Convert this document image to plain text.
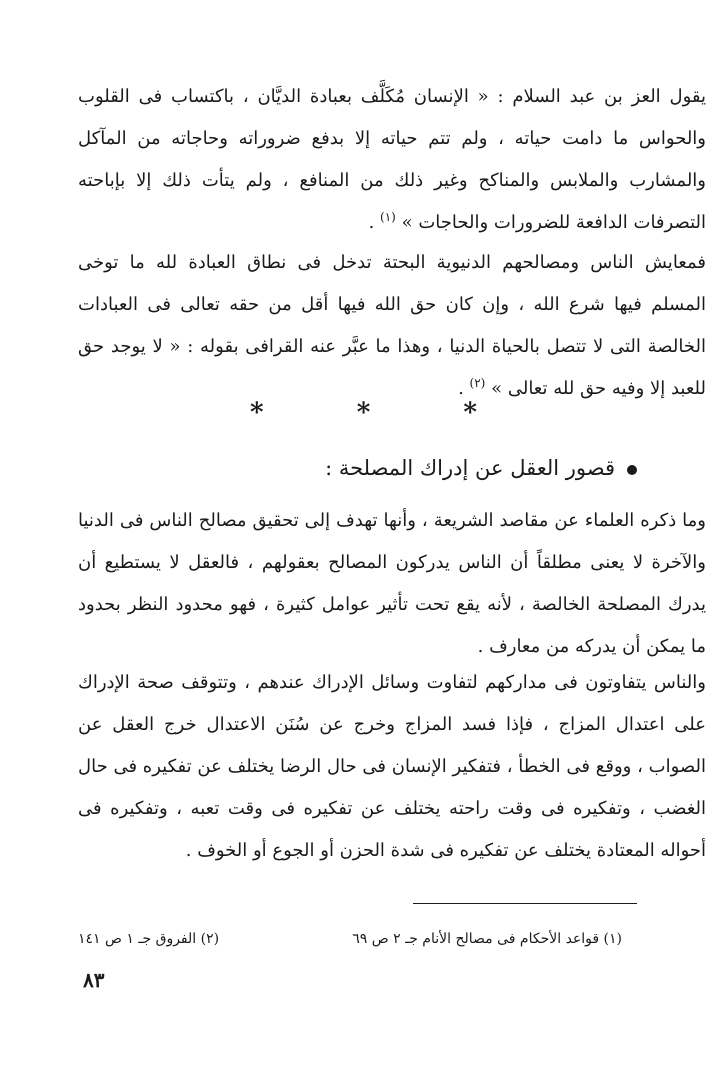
يقول العز بن عبد السلام : « الإنسان مُكَلَّف بعبادة الديَّان ، باكتساب فى القلوب والحواس ما دامت حياته ، ولم تتم حياته إلا بدفع ضروراته وحاجاته من المآكل والمشارب والملابس والمناكح وغير ذلك من المنافع ، ولم يتأت ذلك إلا بإباحته التصرفات الدافعة للضرورات والحاجات » $^{(١)}$ .

فمعايش الناس ومصالحهم الدنيوية البحتة تدخل فى نطاق العبادة لله ما توخى المسلم فيها شرع الله ، وإن كان حق الله فيها أقل من حقه تعالى فى العبادات الخالصة التى لا تتصل بالحياة الدنيا ، وهذا ما عبَّر عنه القرافى بقوله : « لا يوجد حق للعبد إلا وفيه حق لله تعالى » $^{(٢)}$ .

* * *
قصور العقل عن إدراك المصلحة :

وما ذكره العلماء عن مقاصد الشريعة ، وأنها تهدف إلى تحقيق مصالح الناس فى الدنيا والآخرة لا يعنى مطلقاً أن الناس يدركون المصالح بعقولهم ، فالعقل لا يستطيع أن يدرك المصلحة الخالصة ، لأنه يقع تحت تأثير عوامل كثيرة ، فهو محدود النظر بحدود ما يمكن أن يدركه من معارف .

والناس يتفاوتون فى مداركهم لتفاوت وسائل الإدراك عندهم ، وتتوقف صحة الإدراك على اعتدال المزاج ، فإذا فسد المزاج وخرج عن سُنَن الاعتدال خرج العقل عن الصواب ، ووقع فى الخطأ ، فتفكير الإنسان فى حال الرضا يختلف عن تفكيره فى حال الغضب ، وتفكيره فى وقت راحته يختلف عن تفكيره فى وقت تعبه ، وتفكيره فى أحواله المعتادة يختلف عن تفكيره فى شدة الحزن أو الجوع أو الخوف .

(١) قواعد الأحكام فى مصالح الأنام جـ ٢ ص ٦٩
(٢) الفروق جـ ١ ص ١٤١
٨٣
